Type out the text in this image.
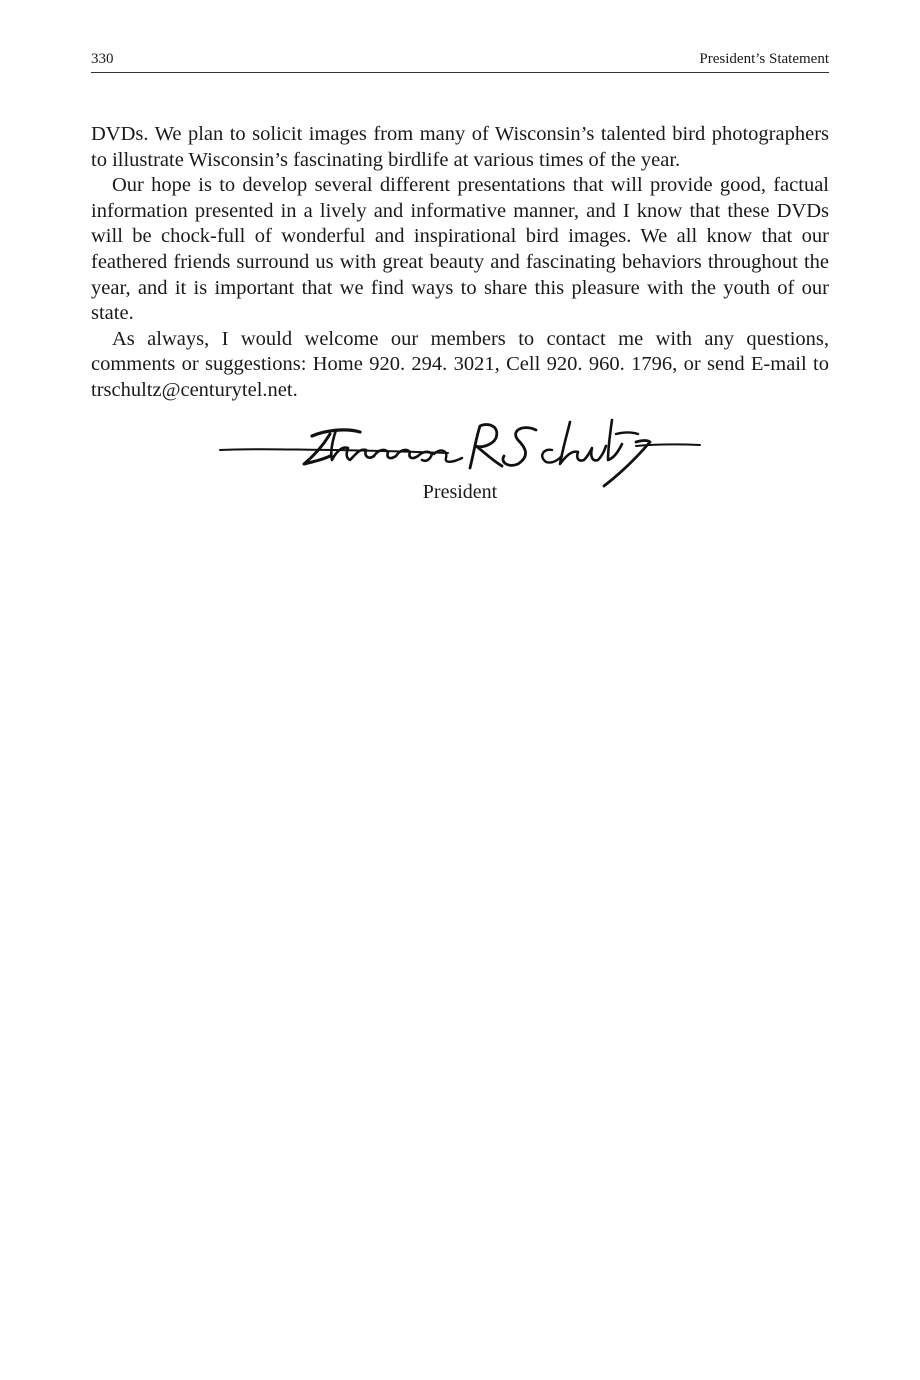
330	President’s Statement

DVDs. We plan to solicit images from many of Wisconsin’s talented bird photographers to illustrate Wisconsin’s fascinating birdlife at various times of the year.

Our hope is to develop several different presentations that will provide good, factual information presented in a lively and informative manner, and I know that these DVDs will be chock-full of wonderful and inspirational bird images. We all know that our feathered friends surround us with great beauty and fascinating behaviors throughout the year, and it is important that we find ways to share this pleasure with the youth of our state.

As always, I would welcome our members to contact me with any questions, comments or suggestions: Home 920. 294. 3021, Cell 920. 960. 1796, or send E-mail to trschultz@centurytel.net.

President
